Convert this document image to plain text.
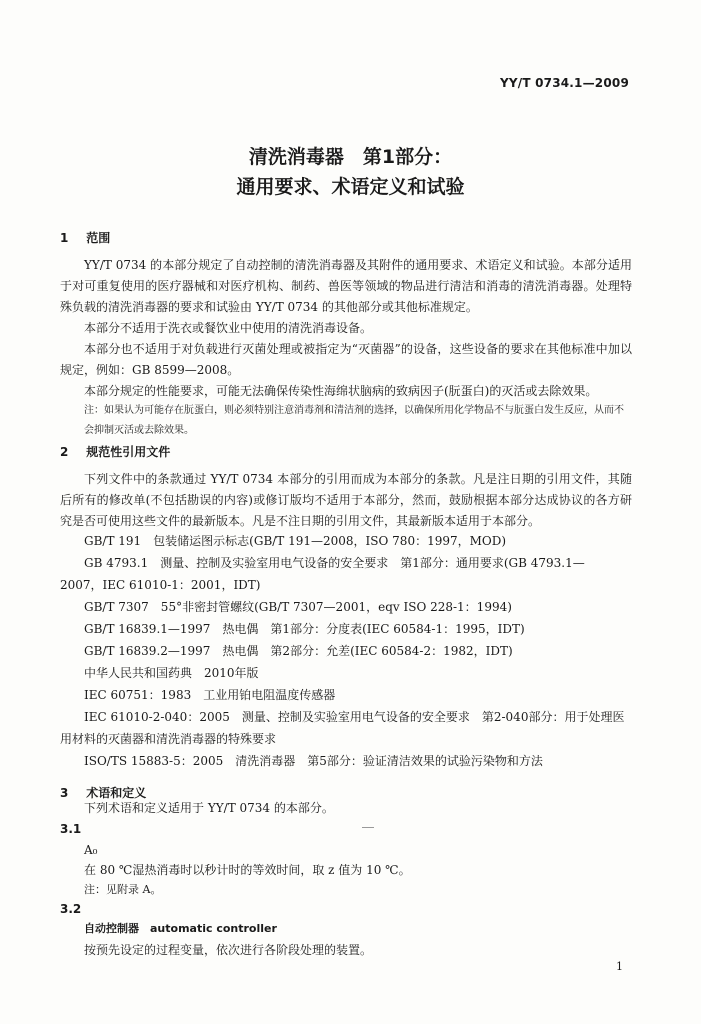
YY/T 0734.1—2009
清洗消毒器　第1部分：
通用要求、术语定义和试验
1 范围
YY/T 0734 的本部分规定了自动控制的清洗消毒器及其附件的通用要求、术语定义和试验。本部分适用于对可重复使用的医疗器械和对医疗机构、制药、兽医等领域的物品进行清洁和消毒的清洗消毒器。处理特殊负载的清洗消毒器的要求和试验由 YY/T 0734 的其他部分或其他标准规定。
本部分不适用于洗衣或餐饮业中使用的清洗消毒设备。
本部分也不适用于对负载进行灭菌处理或被指定为“灭菌器”的设备，这些设备的要求在其他标准中加以规定，例如：GB 8599—2008。
本部分规定的性能要求，可能无法确保传染性海绵状脑病的致病因子(朊蛋白)的灭活或去除效果。
注：如果认为可能存在朊蛋白，则必须特别注意消毒剂和清洁剂的选择，以确保所用化学物品不与朊蛋白发生反应，从而不会抑制灭活或去除效果。
2 规范性引用文件
下列文件中的条款通过 YY/T 0734 本部分的引用而成为本部分的条款。凡是注日期的引用文件，其随后所有的修改单(不包括勘误的内容)或修订版均不适用于本部分，然而，鼓励根据本部分达成协议的各方研究是否可使用这些文件的最新版本。凡是不注日期的引用文件，其最新版本适用于本部分。
GB/T 191　包装储运图示标志(GB/T 191—2008，ISO 780：1997，MOD)
GB 4793.1　测量、控制及实验室用电气设备的安全要求　第1部分：通用要求(GB 4793.1—
2007，IEC 61010-1：2001，IDT)
GB/T 7307　55°非密封管螺纹(GB/T 7307—2001，eqv ISO 228-1：1994)
GB/T 16839.1—1997　热电偶　第1部分：分度表(IEC 60584-1：1995，IDT)
GB/T 16839.2—1997　热电偶　第2部分：允差(IEC 60584-2：1982，IDT)
中华人民共和国药典　2010年版
IEC 60751：1983　工业用铂电阻温度传感器
IEC 61010-2-040：2005　测量、控制及实验室用电气设备的安全要求　第2-040部分：用于处理医
用材料的灭菌器和清洗消毒器的特殊要求
ISO/TS 15883-5：2005　清洗消毒器　第5部分：验证清洁效果的试验污染物和方法
3 术语和定义
下列术语和定义适用于 YY/T 0734 的本部分。
3.1
A₀
在 80 ℃湿热消毒时以秒计时的等效时间，取 z 值为 10 ℃。
注：见附录 A。
3.2
自动控制器　automatic controller
按预先设定的过程变量，依次进行各阶段处理的装置。
1
